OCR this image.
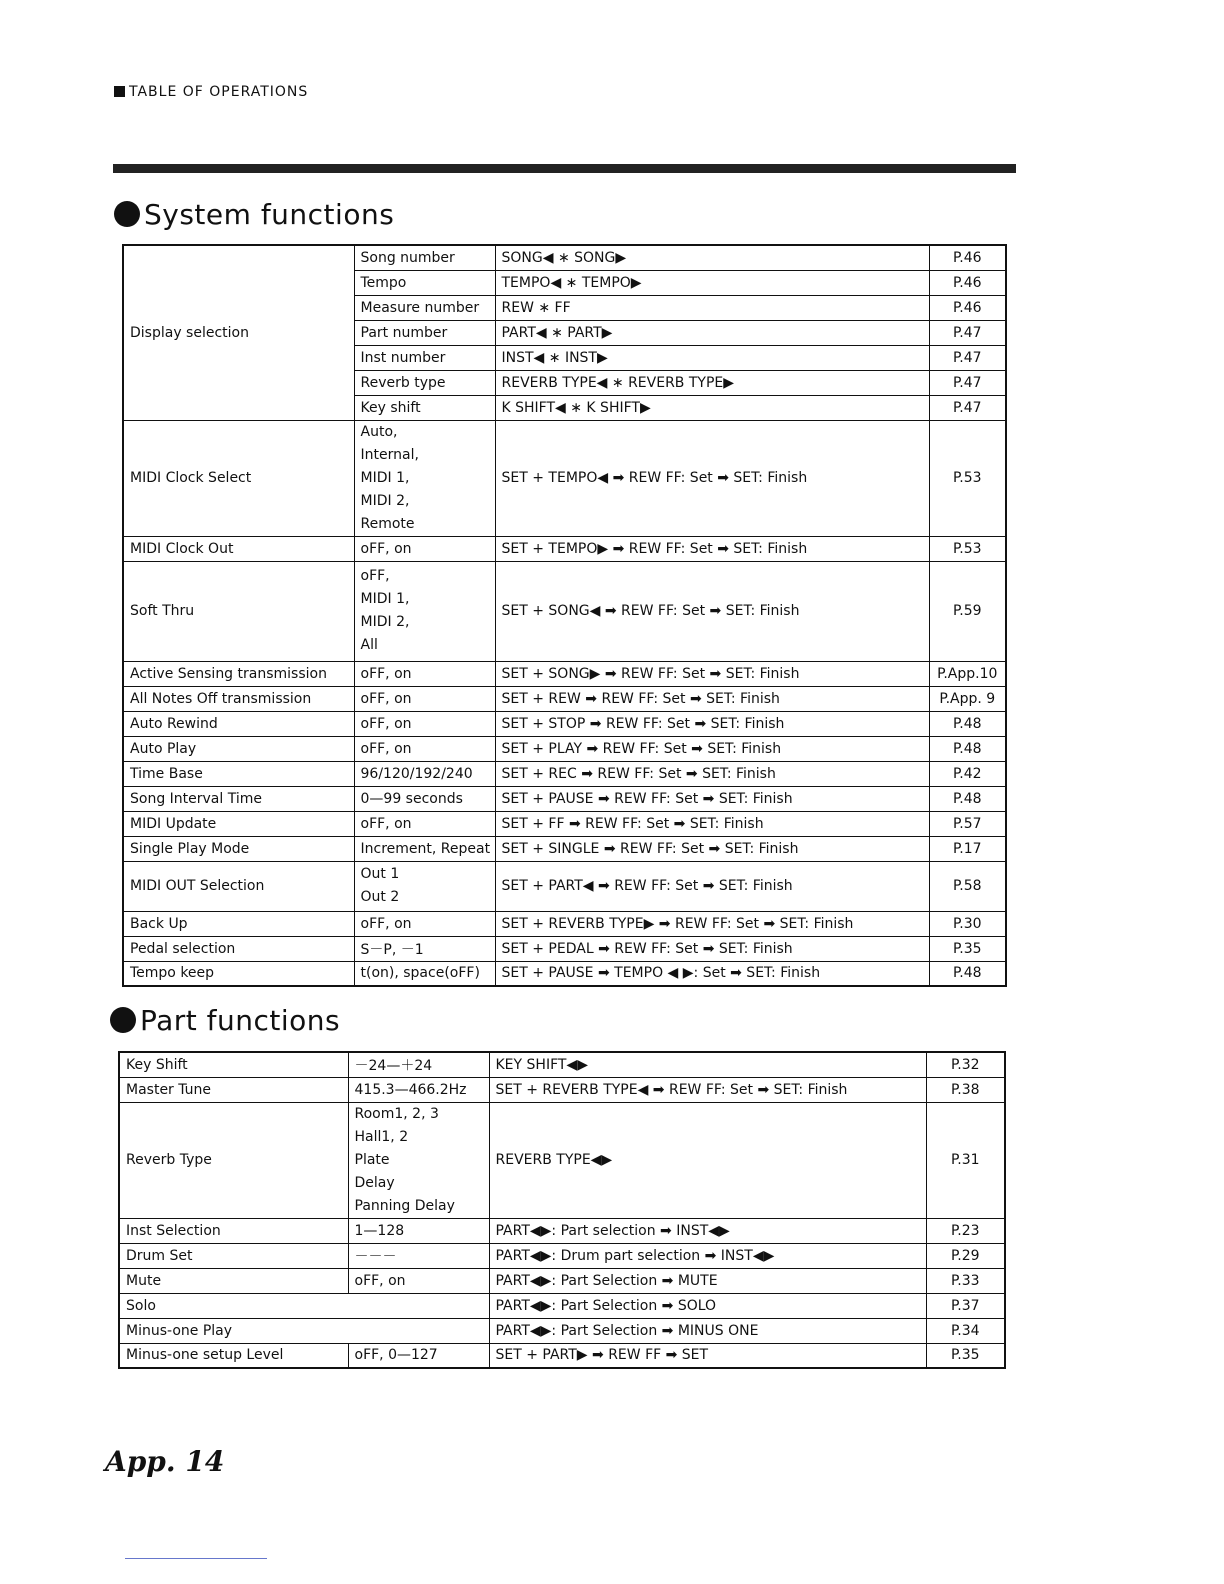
TABLE OF OPERATIONS
System functions
Display selection	Song number	SONG◀ ∗ SONG▶	P.46
	Tempo	TEMPO◀ ∗ TEMPO▶	P.46
	Measure number	REW ∗ FF	P.46
	Part number	PART◀ ∗ PART▶	P.47
	Inst number	INST◀ ∗ INST▶	P.47
	Reverb type	REVERB TYPE◀ ∗ REVERB TYPE▶	P.47
	Key shift	K SHIFT◀ ∗ K SHIFT▶	P.47
MIDI Clock Select	Auto,
Internal,
MIDI 1,
MIDI 2,
Remote	SET + TEMPO◀ ➡ REW FF: Set ➡ SET: Finish	P.53
MIDI Clock Out	oFF, on	SET + TEMPO▶ ➡ REW FF: Set ➡ SET: Finish	P.53
Soft Thru	oFF,
MIDI 1,
MIDI 2,
All	SET + SONG◀ ➡ REW FF: Set ➡ SET: Finish	P.59
Active Sensing transmission	oFF, on	SET + SONG▶ ➡ REW FF: Set ➡ SET: Finish	P.App.10
All Notes Off transmission	oFF, on	SET + REW ➡ REW FF: Set ➡ SET: Finish	P.App. 9
Auto Rewind	oFF, on	SET + STOP ➡ REW FF: Set ➡ SET: Finish	P.48
Auto Play	oFF, on	SET + PLAY ➡ REW FF: Set ➡ SET: Finish	P.48
Time Base	96/120/192/240	SET + REC ➡ REW FF: Set ➡ SET: Finish	P.42
Song Interval Time	0—99 seconds	SET + PAUSE ➡ REW FF: Set ➡ SET: Finish	P.48
MIDI Update	oFF, on	SET + FF ➡ REW FF: Set ➡ SET: Finish	P.57
Single Play Mode	Increment, Repeat	SET + SINGLE ➡ REW FF: Set ➡ SET: Finish	P.17
MIDI OUT Selection	Out 1
Out 2	SET + PART◀ ➡ REW FF: Set ➡ SET: Finish	P.58
Back Up	oFF, on	SET + REVERB TYPE▶ ➡ REW FF: Set ➡ SET: Finish	P.30
Pedal selection	S－P, －1	SET + PEDAL ➡ REW FF: Set ➡ SET: Finish	P.35
Tempo keep	t(on), space(oFF)	SET + PAUSE ➡ TEMPO ◀ ▶: Set ➡ SET: Finish	P.48
Part functions
Key Shift	－24—＋24	KEY SHIFT◀▶	P.32
Master Tune	415.3—466.2Hz	SET + REVERB TYPE◀ ➡ REW FF: Set ➡ SET: Finish	P.38
Reverb Type	Room1, 2, 3
Hall1, 2
Plate
Delay
Panning Delay	REVERB TYPE◀▶	P.31
Inst Selection	1—128	PART◀▶: Part selection ➡ INST◀▶	P.23
Drum Set	－－－	PART◀▶: Drum part selection ➡ INST◀▶	P.29
Mute	oFF, on	PART◀▶: Part Selection ➡ MUTE	P.33
Solo		PART◀▶: Part Selection ➡ SOLO	P.37
Minus-one Play		PART◀▶: Part Selection ➡ MINUS ONE	P.34
Minus-one setup Level	oFF, 0—127	SET + PART▶ ➡ REW FF ➡ SET	P.35
App. 14
